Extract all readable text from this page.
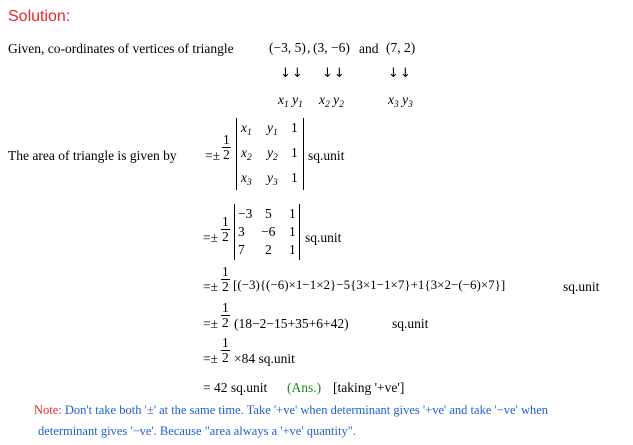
Solution:
Given, co-ordinates of vertices of triangle	(−3, 5) , (3, −6) and (7, 2)
↓↓ ↓↓	↓↓
$x_1$ $y_1$ $x_2$ $y_2$	$x_3$ $y_3$
The area of triangle is given by =± $\frac{1}{2}$
$x_1$ $y_1$ 1
$x_2$ $y_2$ 1
$x_3$ $y_3$ 1
sq.unit
=± $\frac{1}{2}$
−3 5 1
3 −6 1
7 2 1
sq.unit
=± $\frac{1}{2} [(-3)\{(-6)\times 1-1\times 2\}-5\{3\times 1-1\times 7\}+1\{3\times 2-(-6)\times 7\}]$	sq.unit
=± $\frac{1}{2} (18-2-15+35+6+42)$	sq.unit
=± $\frac{1}{2} \times 84$ sq.unit
= 42 sq.unit (Ans.) [taking '+ve']
Note: Don't take both '±' at the same time. Take '+ve' when determinant gives '+ve' and take '−ve' when
determinant gives '−ve'. Because "area always a '+ve' quantity".
